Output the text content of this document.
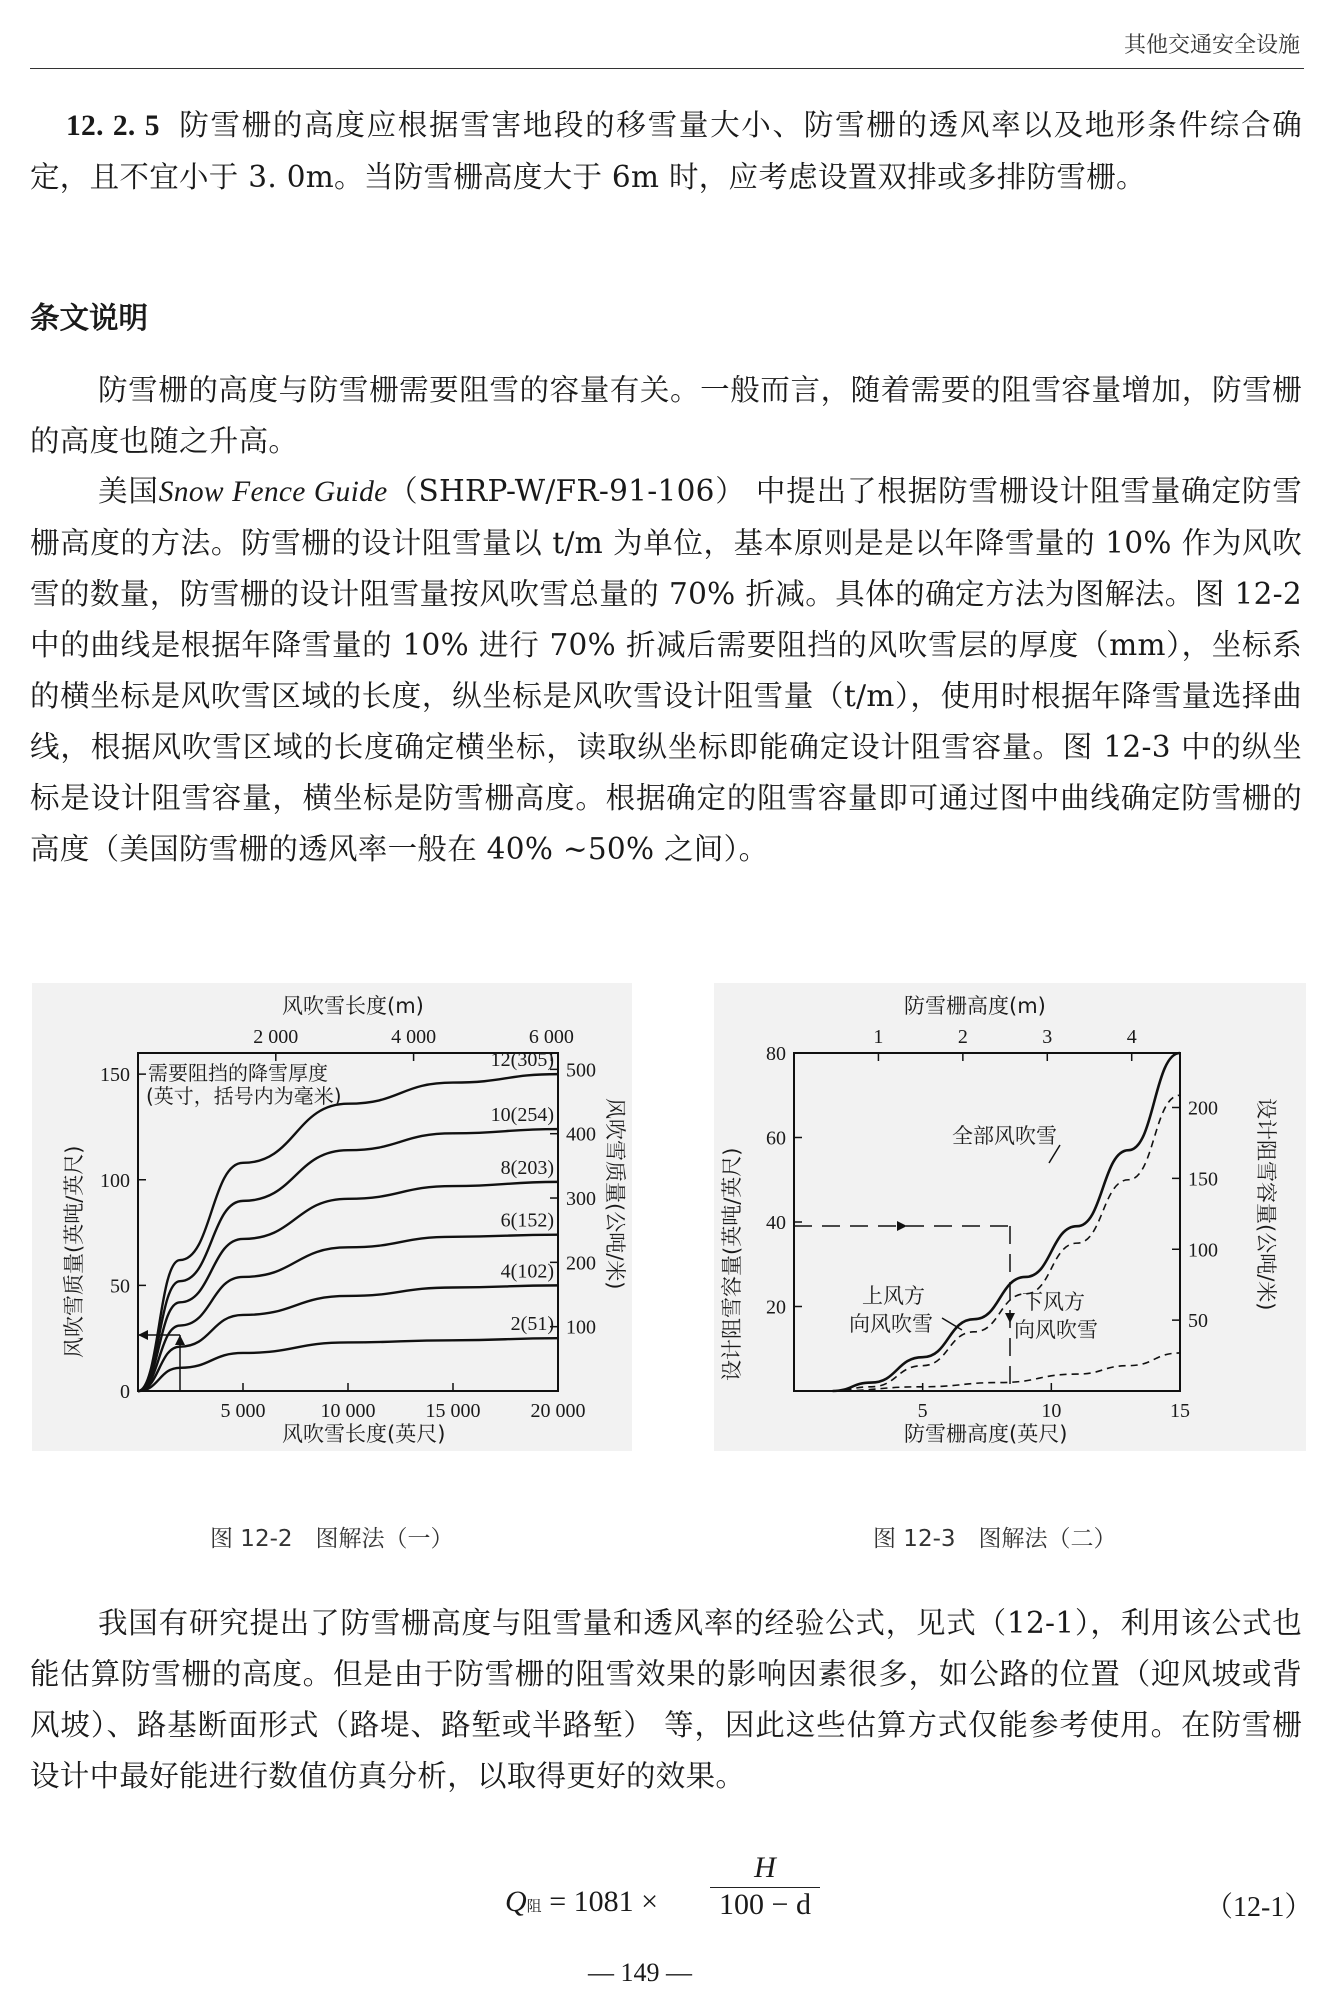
其他交通安全设施
12. 2. 5 防雪栅的高度应根据雪害地段的移雪量大小、防雪栅的透风率以及地形条件综合确定，且不宜小于 3. 0m。当防雪栅高度大于 6m 时，应考虑设置双排或多排防雪栅。
条文说明
防雪栅的高度与防雪栅需要阻雪的容量有关。一般而言，随着需要的阻雪容量增加，防雪栅的高度也随之升高。
美国Snow Fence Guide（SHRP-W/FR-91-106） 中提出了根据防雪栅设计阻雪量确定防雪栅高度的方法。防雪栅的设计阻雪量以 t/m 为单位，基本原则是是以年降雪量的 10% 作为风吹雪的数量，防雪栅的设计阻雪量按风吹雪总量的 70% 折减。具体的确定方法为图解法。图 12-2 中的曲线是根据年降雪量的 10% 进行 70% 折减后需要阻挡的风吹雪层的厚度（mm），坐标系的横坐标是风吹雪区域的长度，纵坐标是风吹雪设计阻雪量（t/m），使用时根据年降雪量选择曲线，根据风吹雪区域的长度确定横坐标，读取纵坐标即能确定设计阻雪容量。图 12-3 中的纵坐标是设计阻雪容量，横坐标是防雪栅高度。根据确定的阻雪容量即可通过图中曲线确定防雪栅的高度（美国防雪栅的透风率一般在 40% ~50% 之间）。
风吹雪长度(m)
2 000	4 000	6 000
5 000	10 000	15 000	20 000
0
50
100
150
100
200
300
400
500
12(305)
10(254)
8(203)
6(152)
4(102)
2(51)
需要阻挡的降雪厚度
(英寸，括号内为毫米)
风吹雪长度(英尺)
风吹雪质量(英吨/英尺)	风吹雪质量(公吨/米)
图 12-2　图解法（一）
防雪栅高度(m)
1	2	3	4
5	10	15
20
40
60
80
50
100
150
200
全部风吹雪
上风方
向风吹雪
下风方
向风吹雪
防雪栅高度(英尺)
设计阻雪容量(英吨/英尺)	设计阻雪容量(公吨/米)
图 12-3　图解法（二）
我国有研究提出了防雪栅高度与阻雪量和透风率的经验公式，见式（12-1），利用该公式也能估算防雪栅的高度。但是由于防雪栅的阻雪效果的影响因素很多，如公路的位置（迎风坡或背风坡）、路基断面形式（路堤、路堑或半路堑） 等，因此这些估算方式仅能参考使用。在防雪栅设计中最好能进行数值仿真分析，以取得更好的效果。
Q阻 = $1081 \times \frac{H}{100 - d}$	（12-1）
— 149 —
